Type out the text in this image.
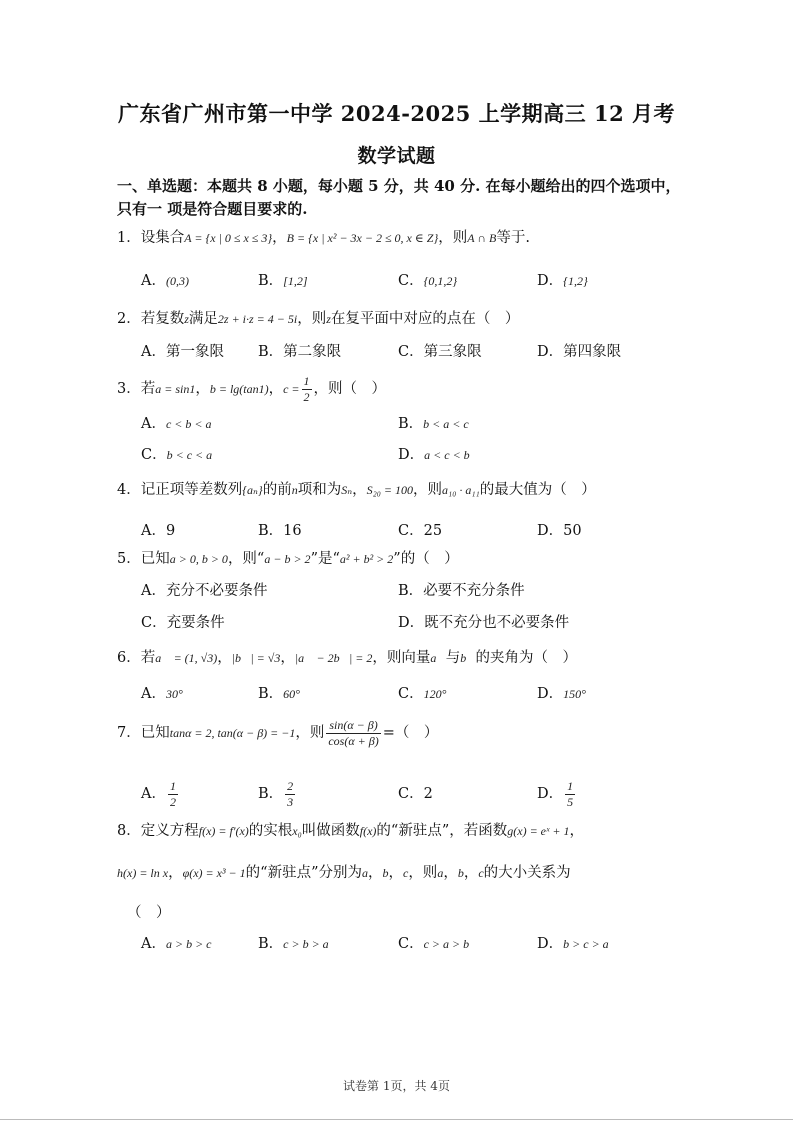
广东省广州市第一中学 2024-2025 上学期高三 12 月考
数学试题
一、单选题：本题共 8 小题，每小题 5 分，共 40 分. 在每小题给出的四个选项中，
只有一 项是符合题目要求的.
1．设集合A = {x | 0 ≤ x ≤ 3}，B = {x | x² − 3x − 2 ≤ 0, x ∈ Z}，则A ∩ B等于.
A．(0,3)	B．[1,2]	C．{0,1,2}	D．{1,2}
2．若复数z满足2z + i·z = 4 − 5i，则z在复平面中对应的点在（　）
A．第一象限 B．第二象限	C．第三象限	D．第四象限
3．若a = sin1，b = lg(tan1)，$c = \frac{1}{2}$ ，则（　）
A．c < b < a	B．b < a < c
C．b < c < a	D．a < c < b
4．记正项等差数列{aₙ}的前n项和为Sₙ，S₂₀ = 100，则a₁₀ · a₁₁的最大值为（　）
A．9	B．16	C．25	D．50
5．已知a > 0, b > 0，则“a − b > 2”是“a² + b² > 2”的（　）
A．充分不必要条件	B．必要不充分条件
C．充要条件	D．既不充分也不必要条件
6．若a⃗ = (1, √3)，|b⃗| = √3，|a⃗ − 2b⃗| = 2，则向量a⃗与b⃗的夹角为（　）
A．30°	B．60°	C．120°	D．150°
7．已知tanα = 2, tan(α − β) = −1，则 $\frac{\sin(\alpha - \beta)}{\cos(\alpha + \beta)}$ =（　）
A． $\frac{1}{2}$	B． $\frac{2}{3}$	C．2	D． $\frac{1}{5}$
8．定义方程f(x) = f′(x)的实根x₀叫做函数f(x)的“新驻点”，若函数g(x) = eˣ + 1，
h(x) = ln x，φ(x) = x³ − 1的“新驻点”分别为a，b，c，则a，b，c的大小关系为
（　）
A．a > b > c	B．c > b > a	C．c > a > b	D．b > c > a
试卷第 1页，共 4页
